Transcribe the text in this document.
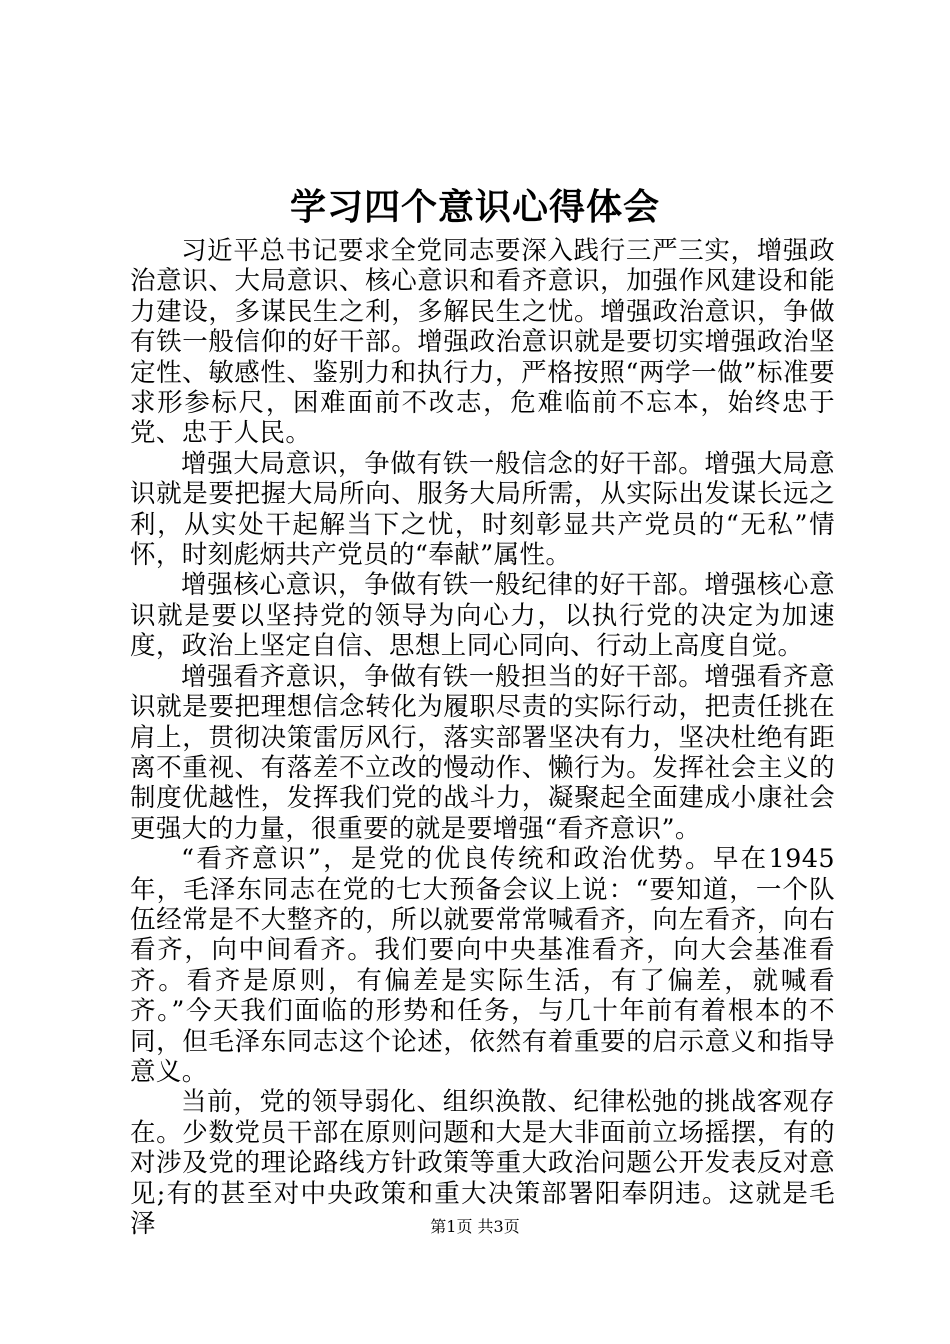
学习四个意识心得体会

习近平总书记要求全党同志要深入践行三严三实，增强政治意识、大局意识、核心意识和看齐意识，加强作风建设和能力建设，多谋民生之利，多解民生之忧。增强政治意识，争做有铁一般信仰的好干部。增强政治意识就是要切实增强政治坚定性、敏感性、鉴别力和执行力，严格按照“两学一做”标准要求形参标尺，困难面前不改志，危难临前不忘本，始终忠于党、忠于人民。

增强大局意识，争做有铁一般信念的好干部。增强大局意识就是要把握大局所向、服务大局所需，从实际出发谋长远之利，从实处干起解当下之忧，时刻彰显共产党员的“无私”情怀，时刻彪炳共产党员的“奉献”属性。

增强核心意识，争做有铁一般纪律的好干部。增强核心意识就是要以坚持党的领导为向心力，以执行党的决定为加速度，政治上坚定自信、思想上同心同向、行动上高度自觉。

增强看齐意识，争做有铁一般担当的好干部。增强看齐意识就是要把理想信念转化为履职尽责的实际行动，把责任挑在肩上，贯彻决策雷厉风行，落实部署坚决有力，坚决杜绝有距离不重视、有落差不立改的慢动作、懒行为。发挥社会主义的制度优越性，发挥我们党的战斗力，凝聚起全面建成小康社会更强大的力量，很重要的就是要增强“看齐意识”。

“看齐意识”，是党的优良传统和政治优势。早在1945年，毛泽东同志在党的七大预备会议上说：“要知道，一个队伍经常是不大整齐的，所以就要常常喊看齐，向左看齐，向右看齐，向中间看齐。我们要向中央基准看齐，向大会基准看齐。看齐是原则，有偏差是实际生活，有了偏差，就喊看齐。”今天我们面临的形势和任务，与几十年前有着根本的不同，但毛泽东同志这个论述，依然有着重要的启示意义和指导意义。

当前，党的领导弱化、组织涣散、纪律松弛的挑战客观存在。少数党员干部在原则问题和大是大非面前立场摇摆，有的对涉及党的理论路线方针政策等重大政治问题公开发表反对意见;有的甚至对中央政策和重大决策部署阳奉阴违。这就是毛泽	第1页 共3页
